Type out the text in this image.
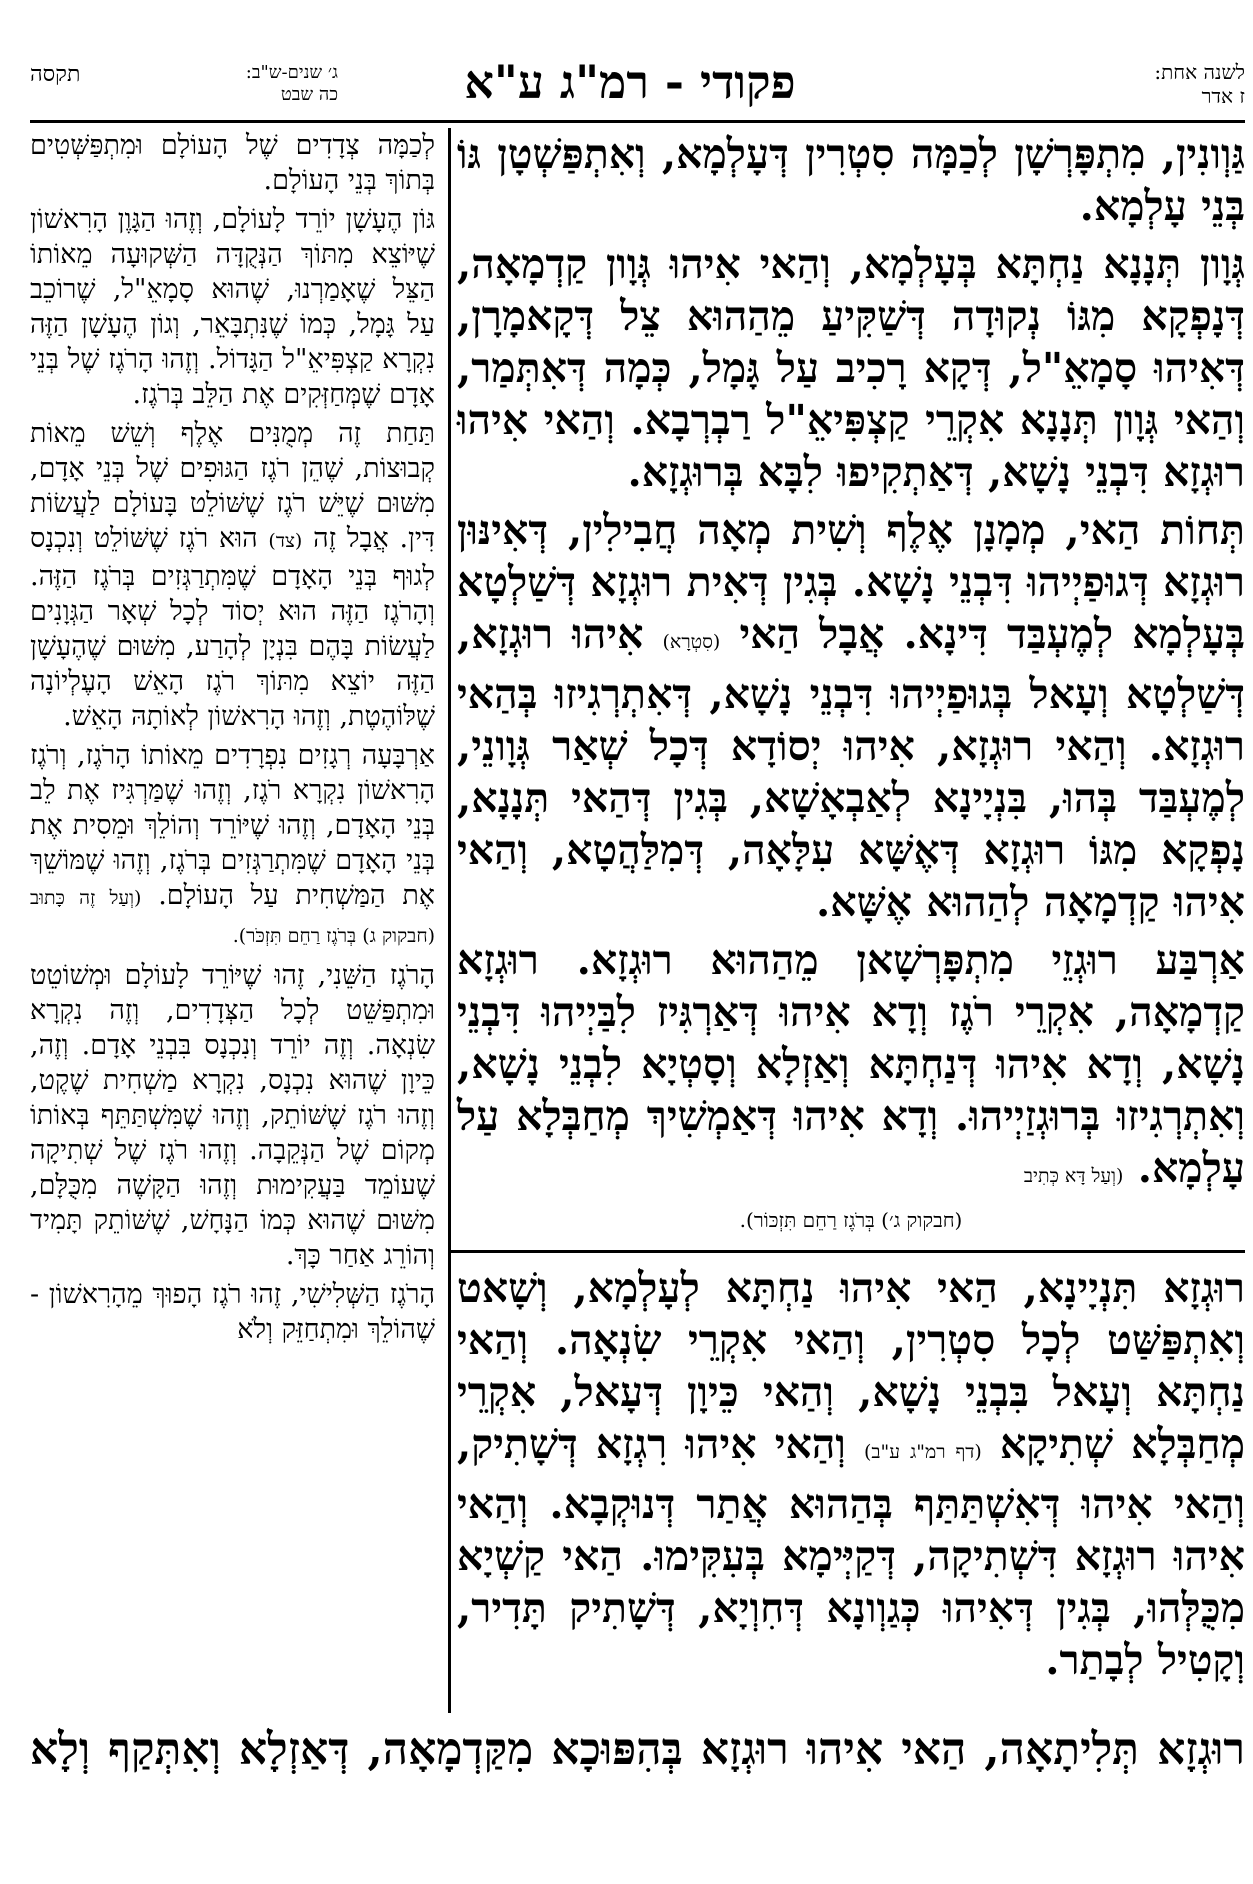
לשנה אחת:
ז אדר
פקודי - רמ"ג ע"א
ג׳ שנים-ש"ב:
כה שבט
תקסה

גַּוְונִין, מִתְפָּרְשָׁן לְכַמָּה סִטְרִין דְּעָלְמָא, וְאִתְפַּשְׁטָן גּוֹ בְּנֵי עָלְמָא.

גְּוָון תְּנָנָא נַחְתָּא בְּעָלְמָא, וְהַאי אִיהוּ גְּוָון קַדְמָאָה, דְּנָפְקָא מִגּוֹ נְקוּדָה דְּשַׁקִּיעַ מֵהַהוּא צֵל דְּקָאמָרָן, דְּאִיהוּ סָמָאֵ"ל, דְּקָא רָכִיב עַל גָּמָל, כְּמָה דְּאִתְּמַר, וְהַאי גְּוָון תְּנָנָא אִקְרֵי קַצְפִּיאֵ"ל רַבְרְבָא. וְהַאי אִיהוּ רוּגְזָא דִּבְנֵי נָשָׁא, דְּאַתְקִיפוּ לִבָּא בְּרוּגְזָא.

תְּחוֹת הַאי, מְמָנָן אֶלֶף וְשִׁית מְאָה חֲבִילִין, דְּאִינּוּן רוּגְזָא דְּגוּפַיְיהוּ דִּבְנֵי נָשָׁא. בְּגִין דְּאִית רוּגְזָא דְּשַׁלְטָא בְּעָלְמָא לְמֶעְבַּד דִּינָא. אֲבָל הַאי (סִטְרָא) אִיהוּ רוּגְזָא, דְּשַׁלְטָא וְעָאל בְּגוּפַיְיהוּ דִּבְנֵי נָשָׁא, דְּאִתְרְגִיזוּ בְּהַאי רוּגְזָא. וְהַאי רוּגְזָא, אִיהוּ יְסוֹדָא דְּכָל שְׁאַר גְּוָונֵי, לְמֶעְבַּד בְּהוּ, בִּנְיָינָא לְאַבְאָשָׁא, בְּגִין דְּהַאי תְּנָנָא, נָפְקָא מִגּוֹ רוּגְזָא דְּאֶשָּׁא עִלָּאָה, דְּמִלַּהֲטָא, וְהַאי אִיהוּ קַדְמָאָה לְהַהוּא אֶשָּׁא.

אַרְבַּע רוּגְזֵי מִתְפָּרְשָׁאן מֵהַהוּא רוּגְזָא. רוּגְזָא קַדְמָאָה, אִקְרֵי רֹגֶז וְדָא אִיהוּ דְּאַרְגִּיז לִבַּיְיהוּ דִּבְנֵי נָשָׁא, וְדָא אִיהוּ דְּנַחְתָּא וְאַזְלָא וְסָטְיָא לִבְנֵי נָשָׁא, וְאִתְרְגִיזוּ בְּרוּגְזַיְיהוּ. וְדָא אִיהוּ דְּאַמְשִׁיךְ מְחַבְּלָא עַל עָלְמָא. (וְעַל דָּא כְּתִיב

(חבקוק ג׳) בְּרֹגֶז רַחֵם תִּזְכּוֹר).

רוּגְזָא תִּנְיָינָא, הַאי אִיהוּ נַחְתָּא לְעָלְמָא, וְשָׁאט וְאִתְפַּשַּׁט לְכָל סִטְרִין, וְהַאי אִקְרֵי שִׂנְאָה. וְהַאי נַחְתָּא וְעָאל בִּבְנֵי נָשָׁא, וְהַאי כֵּיוָן דְּעָאל, אִקְרֵי מְחַבְּלָא שְׁתִיקָא (דף רמ"ג ע"ב) וְהַאי אִיהוּ רִגְזָא דְּשָׁתִיק, וְהַאי אִיהוּ דְּאִשְׁתַּתַּף בְּהַהוּא אֲתַר דְּנוּקְבָא. וְהַאי אִיהוּ רוּגְזָא דִּשְׁתִיקָה, דְּקַיְּימָא בְּעִקִּימוּ. הַאי קַשְׁיָא מִכֻּלְּהוּ, בְּגִין דְּאִיהוּ כְּגַוְונָא דְּחִוְיָא, דְּשָׁתִיק תָּדִיר, וְקָטִיל לְבָתַר.

לְכַמָּה צְדָדִים שֶׁל הָעוֹלָם וּמִתְפַּשְּׁטִים בְּתוֹךְ בְּנֵי הָעוֹלָם.

גּוֹן הֶעָשָׁן יוֹרֵד לָעוֹלָם, וְזֶהוּ הַגָּוֶן הָרִאשׁוֹן שֶׁיּוֹצֵא מִתּוֹךְ הַנְּקֻדָּה הַשְּׁקוּעָה מֵאוֹתוֹ הַצֵּל שֶׁאָמַרְנוּ, שֶׁהוּא סָמָאֵ"ל, שֶׁרוֹכֵב עַל גָּמָל, כְּמוֹ שֶׁנִּתְבָּאֵר, וְגוֹן הֶעָשָׁן הַזֶּה נִקְרָא קַצְפִּיאֵ"ל הַגָּדוֹל. וְזֶהוּ הָרֹגֶז שֶׁל בְּנֵי אָדָם שֶׁמְּחַזְּקִים אֶת הַלֵּב בְּרֹגֶז.

תַּחַת זֶה מְמֻנִּים אֶלֶף וְשֵׁשׁ מֵאוֹת קְבוּצוֹת, שֶׁהֵן רֹגֶז הַגּוּפִים שֶׁל בְּנֵי אָדָם, מִשּׁוּם שֶׁיֵּשׁ רֹגֶז שֶׁשּׁוֹלֵט בָּעוֹלָם לַעֲשׂוֹת דִּין. אֲבָל זֶה (צד) הוּא רֹגֶז שֶׁשּׁוֹלֵט וְנִכְנָס לְגוּף בְּנֵי הָאָדָם שֶׁמִּתְרַגְּזִים בְּרֹגֶז הַזֶּה. וְהָרֹגֶז הַזֶּה הוּא יְסוֹד לְכָל שְׁאָר הַגְּוָנִים לַעֲשׂוֹת בָּהֶם בִּנְיָן לְהָרַע, מִשּׁוּם שֶׁהֶעָשָׁן הַזֶּה יוֹצֵא מִתּוֹךְ רֹגֶז הָאֵשׁ הָעֶלְיוֹנָה שֶׁלּוֹהֶטֶת, וְזֶהוּ הָרִאשׁוֹן לְאוֹתָהּ הָאֵשׁ.

אַרְבָּעָה רְגָזִים נִפְרָדִים מֵאוֹתוֹ הָרֹגֶז, וְרֹגֶז הָרִאשׁוֹן נִקְרָא רֹגֶז, וְזֶהוּ שֶׁמַּרְגִּיז אֶת לֵב בְּנֵי הָאָדָם, וְזֶהוּ שֶׁיּוֹרֵד וְהוֹלֵךְ וּמֵסִית אֶת בְּנֵי הָאָדָם שֶׁמִּתְרַגְּזִים בְּרֹגֶז, וְזֶהוּ שֶׁמּוֹשֵׁךְ אֶת הַמַּשְׁחִית עַל הָעוֹלָם. (וְעַל זֶה כָּתוּב (חבקוק ג) בְּרֹגֶז רַחֵם תִּזְכֹּר).

הָרֹגֶז הַשֵּׁנִי, זֶהוּ שֶׁיּוֹרֵד לָעוֹלָם וּמְשׁוֹטֵט וּמִתְפַּשֵּׁט לְכָל הַצְּדָדִים, וְזֶה נִקְרָא שִׂנְאָה. וְזֶה יוֹרֵד וְנִכְנָס בִּבְנֵי אָדָם. וְזֶה, כֵּיוָן שֶׁהוּא נִכְנָס, נִקְרָא מַשְׁחִית שֶׁקֶט, וְזֶהוּ רֹגֶז שֶׁשּׁוֹתֵק, וְזֶהוּ שֶׁמִּשְׁתַּתֵּף בְּאוֹתוֹ מְקוֹם שֶׁל הַנְּקֵבָה. וְזֶהוּ רֹגֶז שֶׁל שְׁתִיקָה שֶׁעוֹמֵד בַּעֲקִימוּת וְזֶהוּ הַקָּשֶׁה מִכֻּלָּם, מִשּׁוּם שֶׁהוּא כְּמוֹ הַנָּחָשׁ, שֶׁשּׁוֹתֵק תָּמִיד וְהוֹרֵג אַחַר כָּךְ.

הָרֹגֶז הַשְּׁלִישִׁי, זֶהוּ רֹגֶז הָפוּךְ מֵהָרִאשׁוֹן - שֶׁהוֹלֵךְ וּמִתְחַזֵּק וְלֹא

רוּגְזָא תְּלִיתָאָה, הַאי אִיהוּ רוּגְזָא בְּהִפּוּכָא מִקַּדְמָאָה, דְּאַזְלָא וְאִתְּקַף וְלָא
